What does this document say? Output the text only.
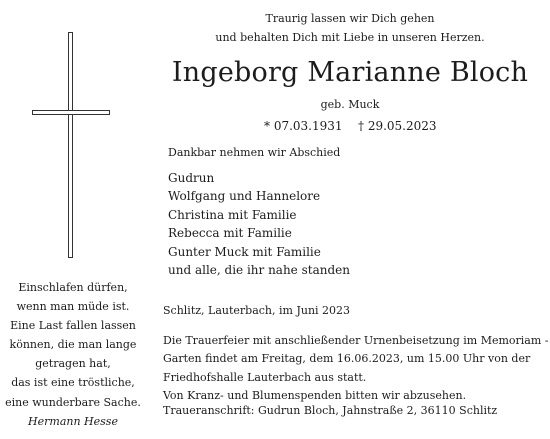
Traurig lassen wir Dich gehen
und behalten Dich mit Liebe in unseren Herzen.
Ingeborg Marianne Bloch
geb. Muck
* 07.03.1931 † 29.05.2023
Dankbar nehmen wir Abschied
Gudrun
Wolfgang und Hannelore
Christina mit Familie
Rebecca mit Familie
Gunter Muck mit Familie
und alle, die ihr nahe standen
Einschlafen dürfen,
wenn man müde ist.
Eine Last fallen lassen
können, die man lange
getragen hat,
das ist eine tröstliche,
eine wunderbare Sache.
Hermann Hesse
Schlitz, Lauterbach, im Juni 2023
Die Trauerfeier mit anschließender Urnenbeisetzung im Memoriam -
Garten findet am Freitag, dem 16.06.2023, um 15.00 Uhr von der
Friedhofshalle Lauterbach aus statt.
Von Kranz- und Blumenspenden bitten wir abzusehen.
Traueranschrift: Gudrun Bloch, Jahnstraße 2, 36110 Schlitz
